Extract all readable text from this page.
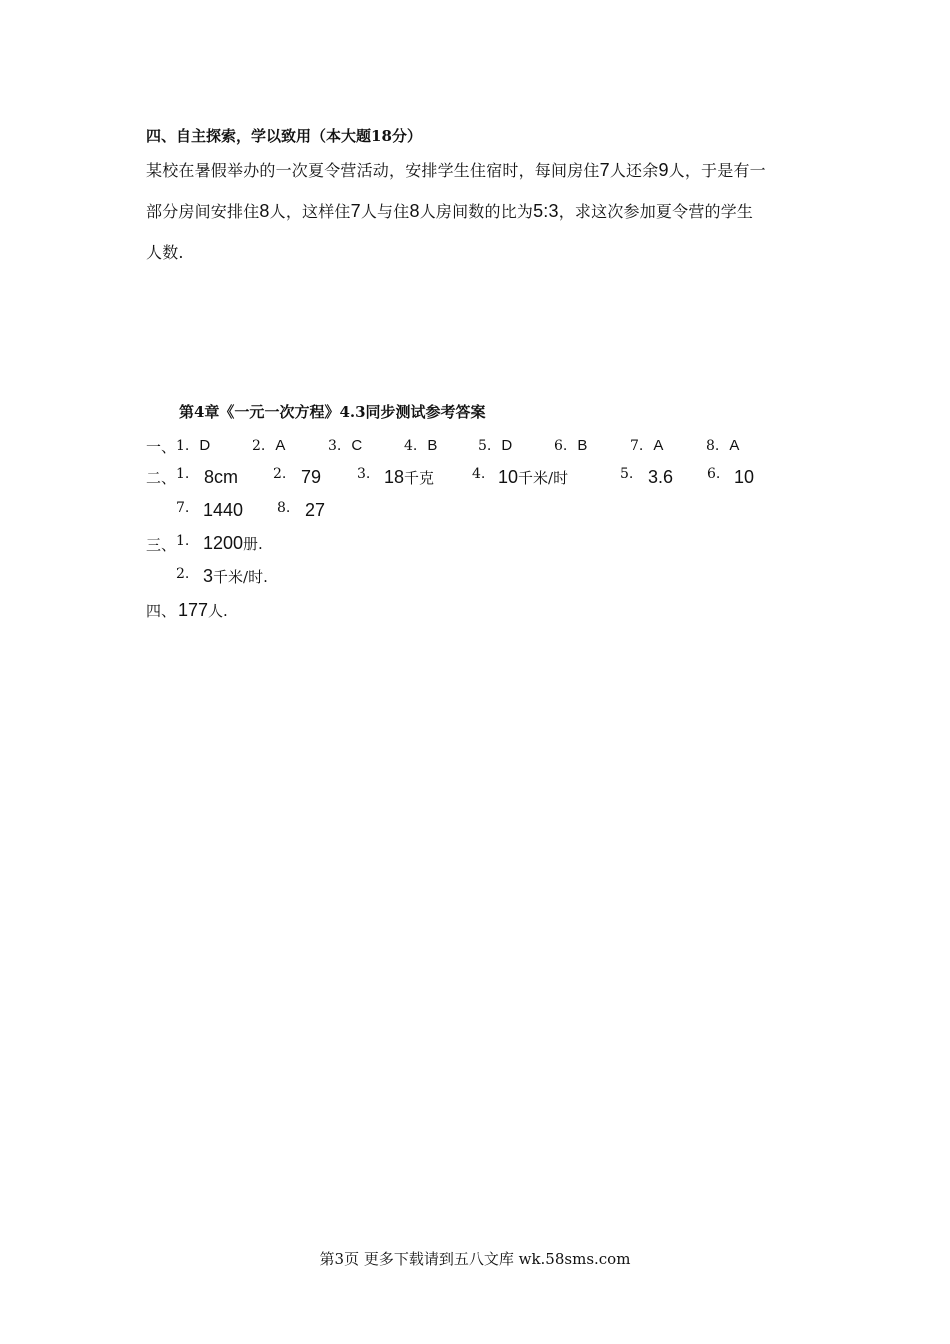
四、自主探索，学以致用（本大题18分）
某校在暑假举办的一次夏令营活动，安排学生住宿时，每间房住7人还余9人，于是有一
部分房间安排住8人，这样住7人与住8人房间数的比为5:3，求这次参加夏令营的学生
人数.
第4章《一元一次方程》4.3同步测试参考答案
一、 1. D	2. A	3. C	4. B	5. D	6. B	7. A	8. A
二、 1. 8cm 2. 79	3. 18千克	4. 10千米/时	5. 3.6 6. 10
7. 1440 8. 27
三、 1. 1200册.
2. 3千米/时.
四、 177人.
第3页 更多下载请到五八文库 wk.58sms.com
